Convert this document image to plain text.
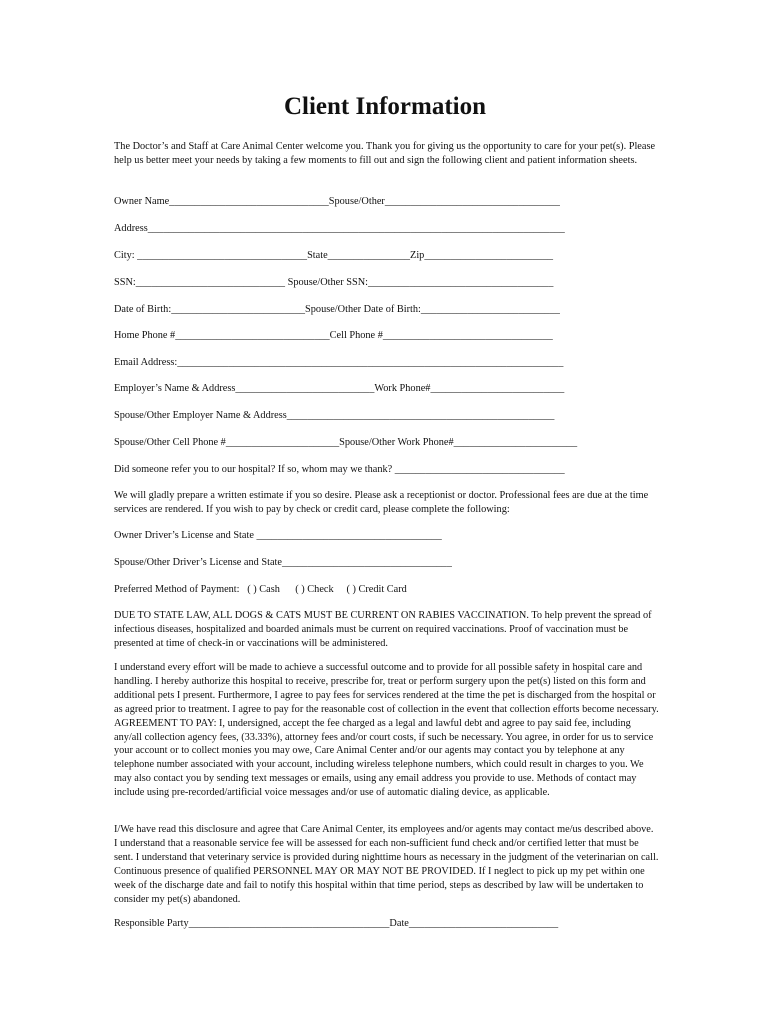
Client Information

The Doctor’s and Staff at Care Animal Center welcome you. Thank you for giving us the opportunity to care for your pet(s). Please help us better meet your needs by taking a few moments to fill out and sign the following client and patient information sheets.

Owner Name_______________________________Spouse/Other__________________________________
Address_________________________________________________________________________________
City: _________________________________State________________Zip_________________________
SSN:_____________________________ Spouse/Other SSN:____________________________________
Date of Birth:__________________________Spouse/Other Date of Birth:___________________________
Home Phone #______________________________Cell Phone #_________________________________
Email Address:___________________________________________________________________________
Employer’s Name & Address___________________________Work Phone#__________________________
Spouse/Other Employer Name & Address____________________________________________________
Spouse/Other Cell Phone #______________________Spouse/Other Work Phone#________________________
Did someone refer you to our hospital? If so, whom may we thank? _________________________________

We will gladly prepare a written estimate if you so desire. Please ask a receptionist or doctor. Professional fees are due at the time services are rendered. If you wish to pay by check or credit card, please complete the following:

Owner Driver’s License and State ____________________________________
Spouse/Other Driver’s License and State_________________________________
Preferred Method of Payment:   ( ) Cash      ( ) Check     ( ) Credit Card

DUE TO STATE LAW, ALL DOGS & CATS MUST BE CURRENT ON RABIES VACCINATION. To help prevent the spread of infectious diseases, hospitalized and boarded animals must be current on required vaccinations. Proof of vaccination must be presented at time of check-in or vaccinations will be administered.

I understand every effort will be made to achieve a successful outcome and to provide for all possible safety in hospital care and handling. I hereby authorize this hospital to receive, prescribe for, treat or perform surgery upon the pet(s) listed on this form and additional pets I present. Furthermore, I agree to pay fees for services rendered at the time the pet is discharged from the hospital or as agreed prior to treatment. I agree to pay for the reasonable cost of collection in the event that collection efforts become necessary. AGREEMENT TO PAY: I, undersigned, accept the fee charged as a legal and lawful debt and agree to pay said fee, including any/all collection agency fees, (33.33%), attorney fees and/or court costs, if such be necessary. You agree, in order for us to service your account or to collect monies you may owe, Care Animal Center and/or our agents may contact you by telephone at any telephone number associated with your account, including wireless telephone numbers, which could result in charges to you. We may also contact you by sending text messages or emails, using any email address you provide to use. Methods of contact may include using pre-recorded/artificial voice messages and/or use of automatic dialing device, as applicable.

I/We have read this disclosure and agree that Care Animal Center, its employees and/or agents may contact me/us described above. I understand that a reasonable service fee will be assessed for each non-sufficient fund check and/or certified letter that must be sent. I understand that veterinary service is provided during nighttime hours as necessary in the judgment of the veterinarian on call. Continuous presence of qualified PERSONNEL MAY OR MAY NOT BE PROVIDED. If I neglect to pick up my pet within one week of the discharge date and fail to notify this hospital within that time period, steps as described by law will be undertaken to consider my pet(s) abandoned.

Responsible Party_______________________________________Date_____________________________
